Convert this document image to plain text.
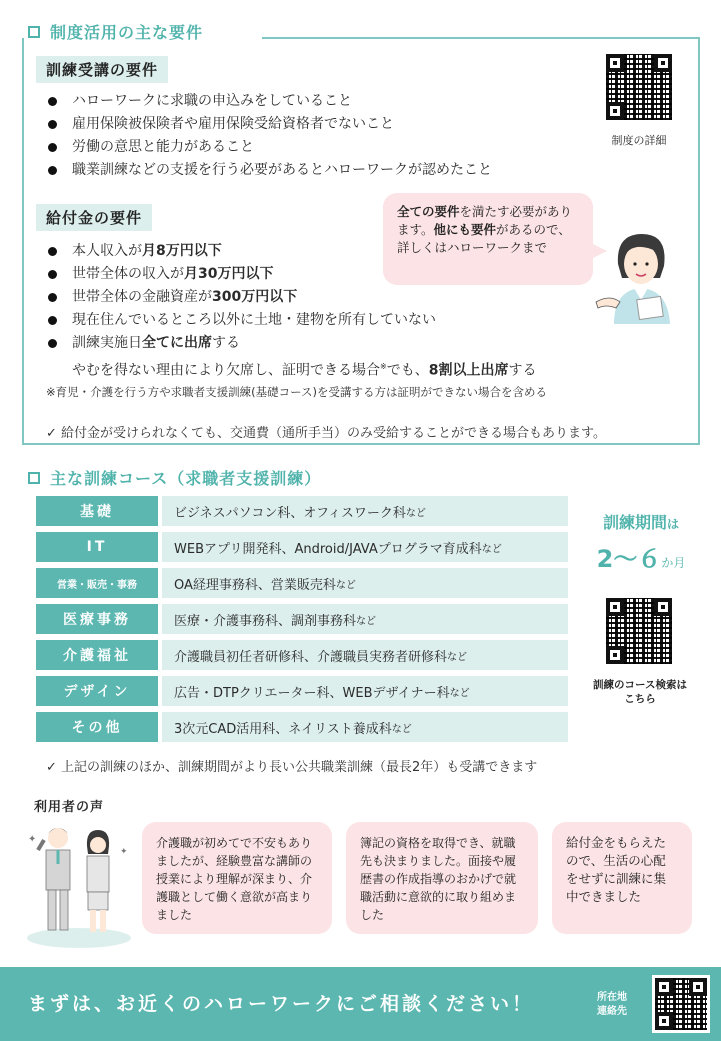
制度活用の主な要件
訓練受講の要件
ハローワークに求職の申込みをしていること
雇用保険被保険者や雇用保険受給資格者でないこと
労働の意思と能力があること
職業訓練などの支援を行う必要があるとハローワークが認めたこと
制度の詳細
給付金の要件	全ての要件を満たす必要があります。他にも要件があるので、詳しくはハローワークまで
本人収入が月8万円以下
世帯全体の収入が月30万円以下
世帯全体の金融資産が300万円以下
現在住んでいるところ以外に土地・建物を所有していない
訓練実施日全てに出席する
やむを得ない理由により欠席し、証明できる場合※でも、8割以上出席する
※育児・介護を行う方や求職者支援訓練(基礎コース)を受講する方は証明ができない場合を含める
✓ 給付金が受けられなくても、交通費（通所手当）のみ受給することができる場合もあります。
主な訓練コース（求職者支援訓練）
基礎	ビジネスパソコン科、オフィスワーク科 など
IT	WEBアプリ開発科、Android/JAVAプログラマ育成科 など
営業・販売・事務	OA経理事務科、営業販売科 など
医療事務	医療・介護事務科、調剤事務科 など
介護福祉	介護職員初任者研修科、介護職員実務者研修科 など
デザイン	広告・DTPクリエーター科、WEBデザイナー科 など
その他	3次元CAD活用科、ネイリスト養成科 など
訓練期間は
2～６か月
訓練のコース検索はこちら
✓ 上記の訓練のほか、訓練期間がより長い公共職業訓練（最長2年）も受講できます
利用者の声
✦
✦
介護職が初めてで不安もありましたが、経験豊富な講師の授業により理解が深まり、介護職として働く意欲が高まりました
簿記の資格を取得でき、就職先も決まりました。面接や履歴書の作成指導のおかげで就職活動に意欲的に取り組めました
給付金をもらえたので、生活の心配をせずに訓練に集中できました
まずは、お近くのハローワークにご相談ください！	所在地
連絡先
